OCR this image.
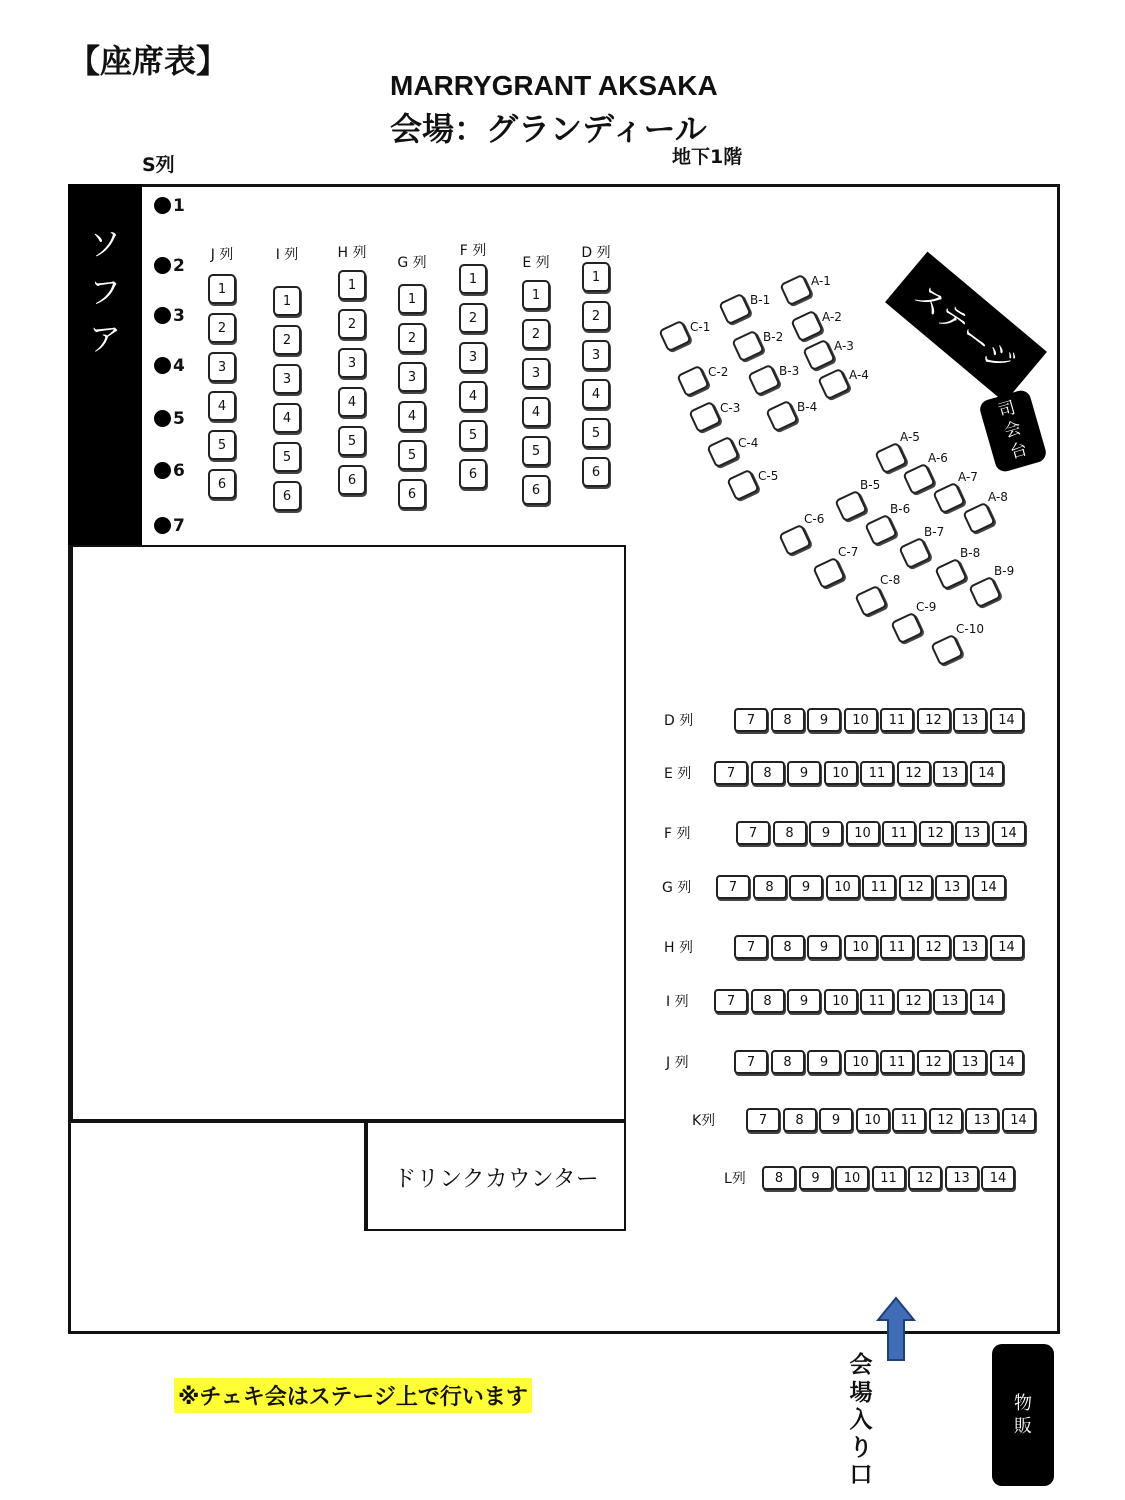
【座席表】
MARRYGRANT AKSAKA
会場：グランディール
地下1階
S列
ソ
フ
ア
1
2
3
4
5
6
7
ドリンクカウンター
J 列
1
2
3
4
5
6
I 列
1
2
3
4
5
6
H 列
1
2
3
4
5
6
G 列
1
2
3
4
5
6
F 列
1
2
3
4
5
6
E 列
1
2
3
4
5
6
D 列
1
2
3
4
5
6
A-1
A-2
A-3
A-4
B-1
B-2
B-3
B-4
C-1
C-2
C-3
C-4
C-5
A-5
A-6
A-7
A-8
B-5
B-6
B-7
B-8
B-9
C-6
C-7
C-8
C-9
C-10
D 列	7	8	9	10	11	12	13	14
E 列	7	8	9	10	11	12	13	14
F 列	7	8	9	10	11	12	13	14
G 列	7	8	9	10	11	12	13	14
H 列	7	8	9	10	11	12	13	14
I 列	7	8	9	10	11	12	13	14
J 列	7	8	9	10	11	12	13	14
K列	7	8	9	10	11	12	13	14
L列	8	9	10	11	12	13	14
ステージ
司
会
台
会
場
入
り
口
物
販
※チェキ会はステージ上で行います
